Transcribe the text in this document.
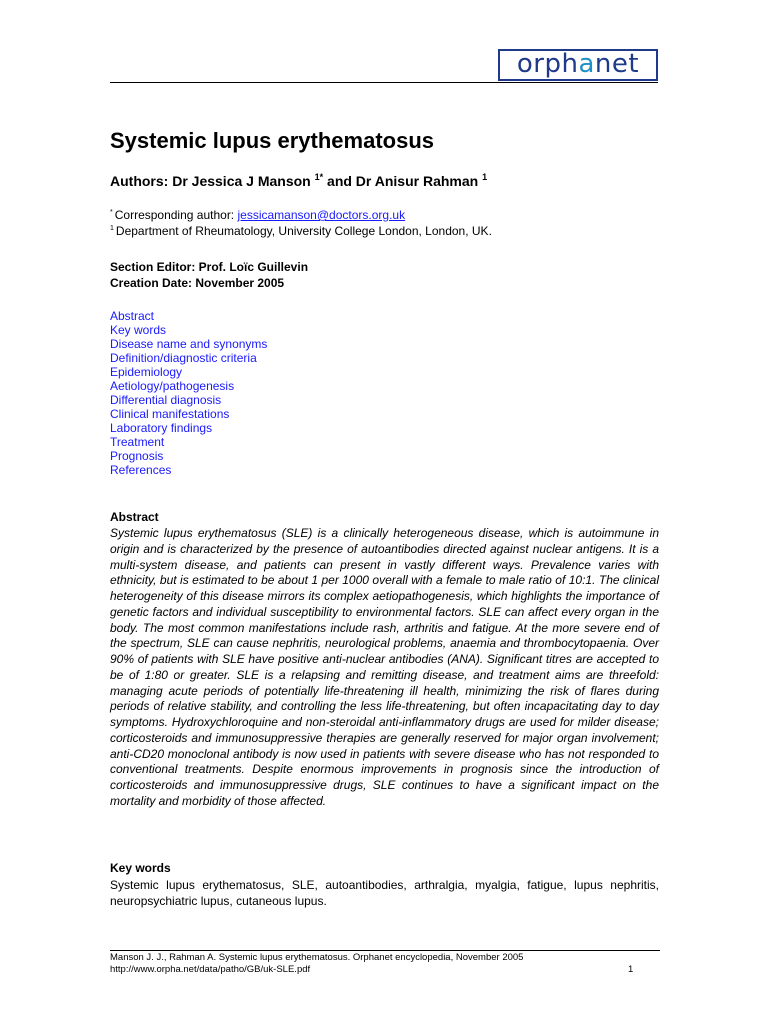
orphanet
Systemic lupus erythematosus
Authors: Dr Jessica J Manson $^{1*}$ and Dr Anisur Rahman $^1$
* Corresponding author: jessicamanson@doctors.org.uk
$^1$ Department of Rheumatology, University College London, London, UK.
Section Editor: Prof. Loïc Guillevin
Creation Date: November 2005
Abstract
Key words
Disease name and synonyms
Definition/diagnostic criteria
Epidemiology
Aetiology/pathogenesis
Differential diagnosis
Clinical manifestations
Laboratory findings
Treatment
Prognosis
References
Abstract
Systemic lupus erythematosus (SLE) is a clinically heterogeneous disease, which is autoimmune in origin and is characterized by the presence of autoantibodies directed against nuclear antigens. It is a multi-system disease, and patients can present in vastly different ways. Prevalence varies with ethnicity, but is estimated to be about 1 per 1000 overall with a female to male ratio of 10:1. The clinical heterogeneity of this disease mirrors its complex aetiopathogenesis, which highlights the importance of genetic factors and individual susceptibility to environmental factors. SLE can affect every organ in the body. The most common manifestations include rash, arthritis and fatigue. At the more severe end of the spectrum, SLE can cause nephritis, neurological problems, anaemia and thrombocytopaenia. Over 90% of patients with SLE have positive anti-nuclear antibodies (ANA). Significant titres are accepted to be of 1:80 or greater. SLE is a relapsing and remitting disease, and treatment aims are threefold: managing acute periods of potentially life-threatening ill health, minimizing the risk of flares during periods of relative stability, and controlling the less life-threatening, but often incapacitating day to day symptoms. Hydroxychloroquine and non-steroidal anti-inflammatory drugs are used for milder disease; corticosteroids and immunosuppressive therapies are generally reserved for major organ involvement; anti-CD20 monoclonal antibody is now used in patients with severe disease who has not responded to conventional treatments. Despite enormous improvements in prognosis since the introduction of corticosteroids and immunosuppressive drugs, SLE continues to have a significant impact on the mortality and morbidity of those affected.
Key words
Systemic lupus erythematosus, SLE, autoantibodies, arthralgia, myalgia, fatigue, lupus nephritis, neuropsychiatric lupus, cutaneous lupus.
Manson J. J., Rahman A. Systemic lupus erythematosus. Orphanet encyclopedia, November 2005
http://www.orpha.net/data/patho/GB/uk-SLE.pdf	1
